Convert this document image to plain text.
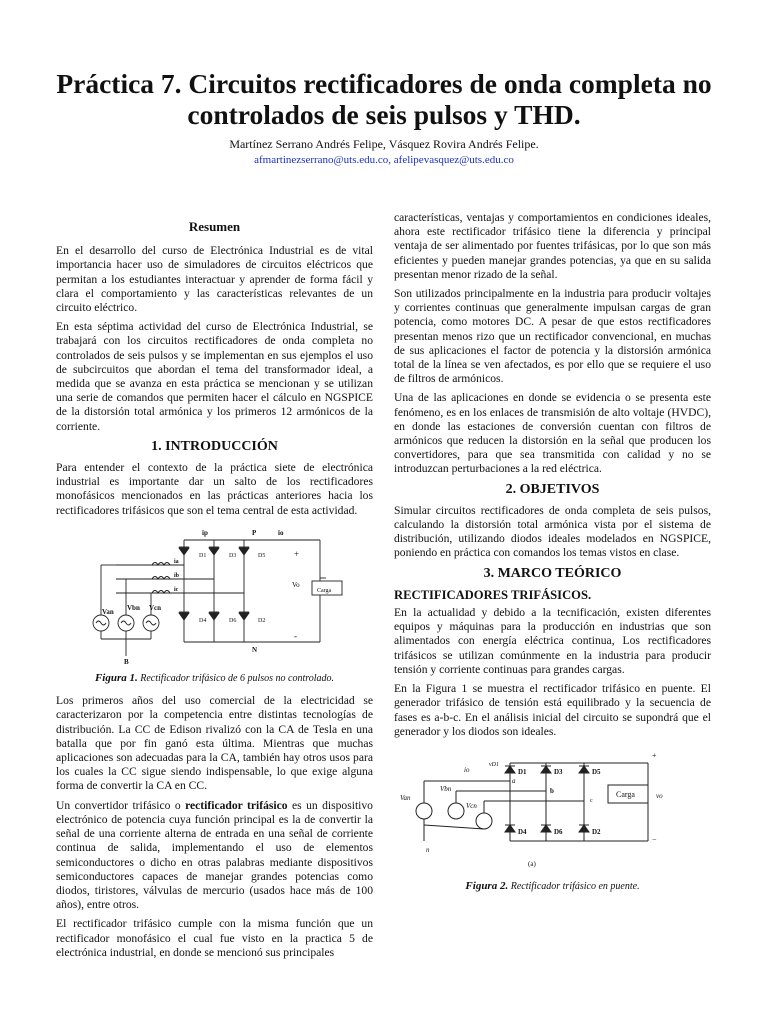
Práctica 7. Circuitos rectificadores de onda completa no controlados de seis pulsos y THD.
Martínez Serrano Andrés Felipe, Vásquez Rovira Andrés Felipe.
afmartinezserrano@uts.edu.co, afelipevasquez@uts.edu.co
Resumen

En el desarrollo del curso de Electrónica Industrial es de vital importancia hacer uso de simuladores de circuitos eléctricos que permitan a los estudiantes interactuar y aprender de forma fácil y clara el comportamiento y las características relevantes de un circuito eléctrico.

En esta séptima actividad del curso de Electrónica Industrial, se trabajará con los circuitos rectificadores de onda completa no controlados de seis pulsos y se implementan en sus ejemplos el uso de subcircuitos que abordan el tema del transformador ideal, a medida que se avanza en esta práctica se mencionan y se utilizan una serie de comandos que permiten hacer el cálculo en NGSPICE de la distorsión total armónica y los primeros 12 armónicos de la corriente.

1. INTRODUCCIÓN

Para entender el contexto de la práctica siete de electrónica industrial es importante dar un salto de los rectificadores monofásicos mencionados en las prácticas anteriores hacia los rectificadores trifásicos que son el tema central de esta actividad.

ip	P	io
+
D1	D3	D5
ia
ib
ic
Vo
Carga
Van Vbn Vcn
D4	D6	D2
-
N
B
Figura 1. Rectificador trifásico de 6 pulsos no controlado.

Los primeros años del uso comercial de la electricidad se caracterizaron por la competencia entre distintas tecnologías de distribución. La CC de Edison rivalizó con la CA de Tesla en una batalla que por fin ganó esta última. Mientras que muchas aplicaciones son adecuadas para la CA, también hay otros usos para los cuales la CC sigue siendo indispensable, lo que exige alguna forma de convertir la CA en CC.

Un convertidor trifásico o rectificador trifásico es un dispositivo electrónico de potencia cuya función principal es la de convertir la señal de una corriente alterna de entrada en una señal de corriente continua de salida, implementando el uso de elementos semiconductores o dicho en otras palabras mediante dispositivos semiconductores capaces de manejar grandes potencias como diodos, tiristores, válvulas de mercurio (usados hace más de 100 años), entre otros.

El rectificador trifásico cumple con la misma función que un rectificador monofásico el cual fue visto en la practica 5 de electrónica industrial, en donde se mencionó sus principales

características, ventajas y comportamientos en condiciones ideales, ahora este rectificador trifásico tiene la diferencia y principal ventaja de ser alimentado por fuentes trifásicas, por lo que son más eficientes y pueden manejar grandes potencias, ya que en su salida presentan menor rizado de la señal.

Son utilizados principalmente en la industria para producir voltajes y corrientes continuas que generalmente impulsan cargas de gran potencia, como motores DC. A pesar de que estos rectificadores presentan menos rizo que un rectificador convencional, en muchas de sus aplicaciones el factor de potencia y la distorsión armónica total de la línea se ven afectados, es por ello que se requiere el uso de filtros de armónicos.

Una de las aplicaciones en donde se evidencia o se presenta este fenómeno, es en los enlaces de transmisión de alto voltaje (HVDC), en donde las estaciones de conversión cuentan con filtros de armónicos que reducen la distorsión en la señal que producen los convertidores, para que sea transmitida con calidad y no se introduzcan perturbaciones a la red eléctrica.

2. OBJETIVOS

Simular circuitos rectificadores de onda completa de seis pulsos, calculando la distorsión total armónica vista por el sistema de distribución, utilizando diodos ideales modelados en NGSPICE, poniendo en práctica con comandos los temas vistos en clase.

3. MARCO TEÓRICO
RECTIFICADORES TRIFÁSICOS.

En la actualidad y debido a la tecnificación, existen diferentes equipos y máquinas para la producción en industrias que son alimentados con energía eléctrica continua, Los rectificadores trifásicos se utilizan comúnmente en la industria para producir tensión y corriente continuas para grandes cargas.

En la Figura 1 se muestra el rectificador trifásico en puente. El generador trifásico de tensión está equilibrado y la secuencia de fases es a-b-c. En el análisis inicial del circuito se supondrá que el generador y los diodos son ideales.

+
vD1
D1	D3	D5
io
a
b
c
Carga	vo
Van
Vbn
Vcn
D4	D6	D2
−
n
(a)
Figura 2. Rectificador trifásico en puente.
